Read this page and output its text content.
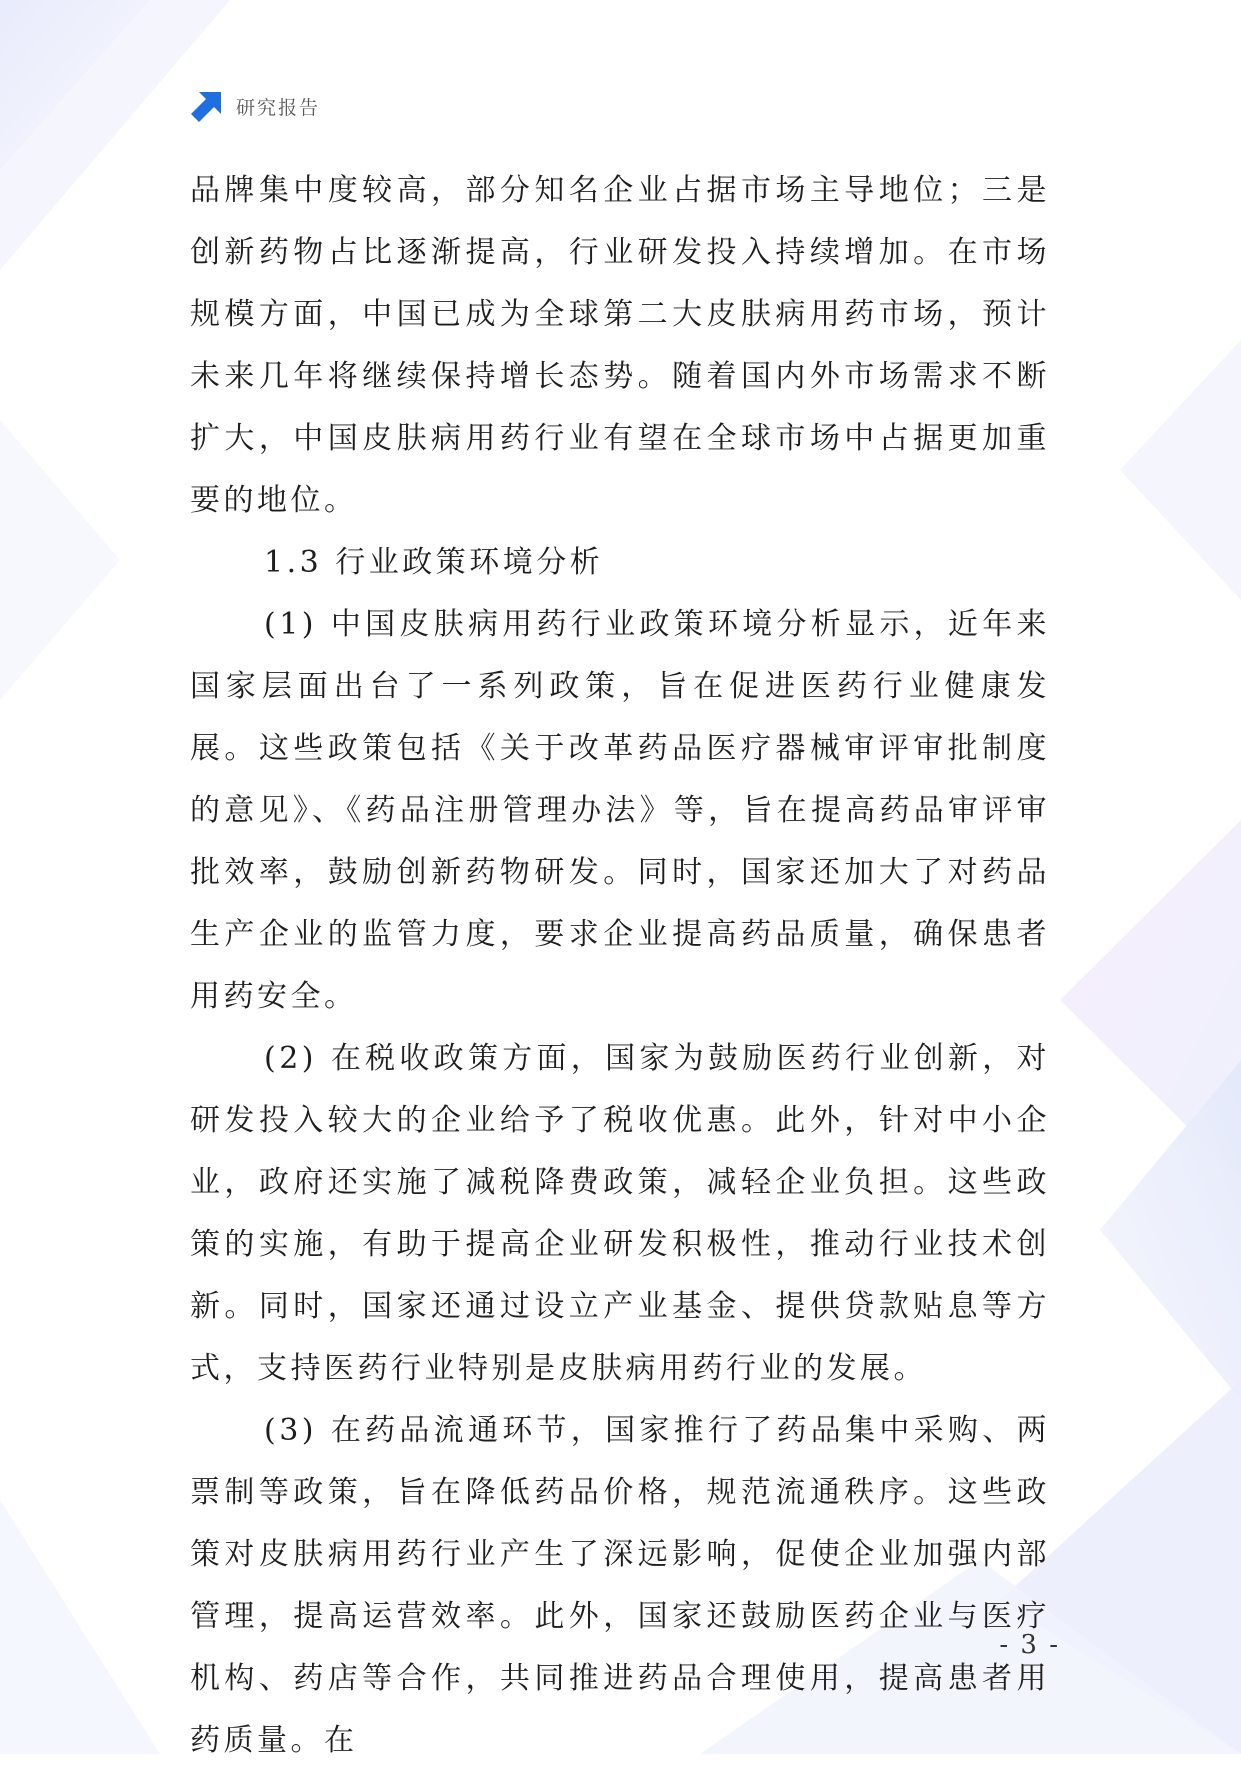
研究报告

品牌集中度较高，部分知名企业占据市场主导地位；三是创新药物占比逐渐提高，行业研发投入持续增加。在市场规模方面，中国已成为全球第二大皮肤病用药市场，预计未来几年将继续保持增长态势。随着国内外市场需求不断扩大，中国皮肤病用药行业有望在全球市场中占据更加重要的地位。

1.3 行业政策环境分析

(1) 中国皮肤病用药行业政策环境分析显示，近年来国家层面出台了一系列政策，旨在促进医药行业健康发展。这些政策包括《关于改革药品医疗器械审评审批制度的意见》、《药品注册管理办法》等，旨在提高药品审评审批效率，鼓励创新药物研发。同时，国家还加大了对药品生产企业的监管力度，要求企业提高药品质量，确保患者用药安全。

(2) 在税收政策方面，国家为鼓励医药行业创新，对研发投入较大的企业给予了税收优惠。此外，针对中小企业，政府还实施了减税降费政策，减轻企业负担。这些政策的实施，有助于提高企业研发积极性，推动行业技术创新。同时，国家还通过设立产业基金、提供贷款贴息等方式，支持医药行业特别是皮肤病用药行业的发展。

(3) 在药品流通环节，国家推行了药品集中采购、两票制等政策，旨在降低药品价格，规范流通秩序。这些政策对皮肤病用药行业产生了深远影响，促使企业加强内部管理，提高运营效率。此外，国家还鼓励医药企业与医疗机构、药店等合作，共同推进药品合理使用，提高患者用药质量。在

- 3 -
